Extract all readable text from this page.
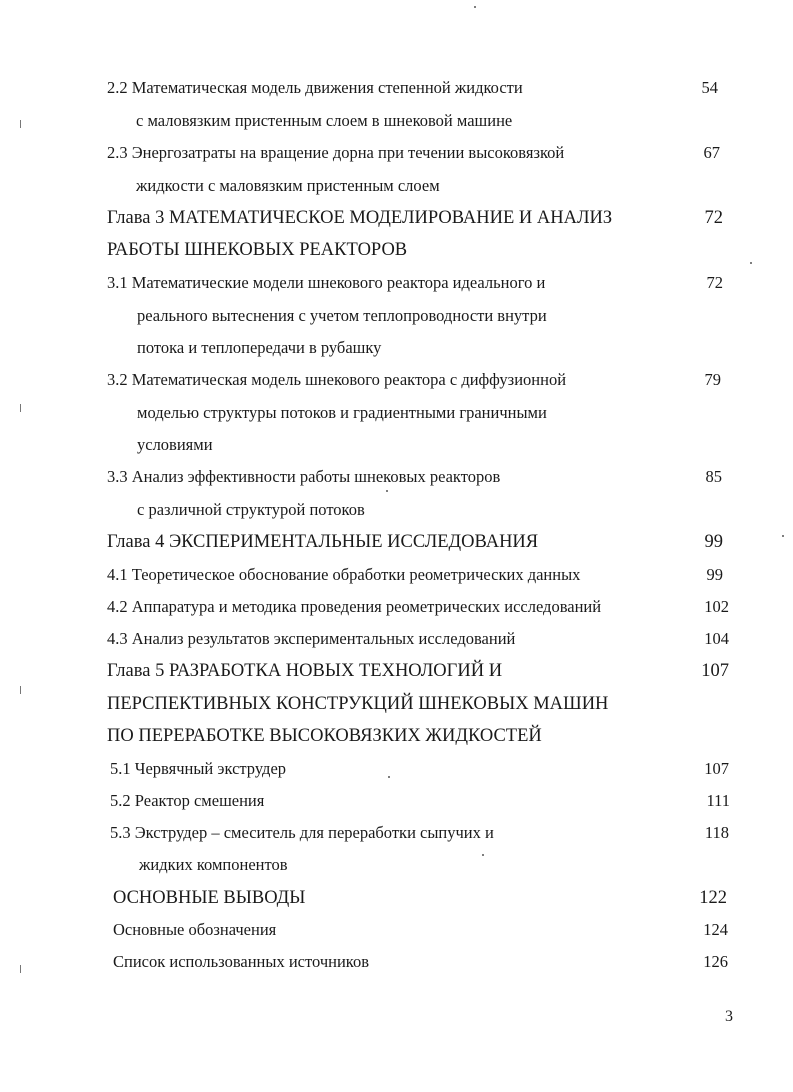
2.2 Математическая модель движения степенной жидкости	54
с маловязким пристенным слоем в шнековой машине
2.3 Энергозатраты на вращение дорна при течении высоковязкой	67
жидкости с маловязким пристенным слоем
Глава 3 МАТЕМАТИЧЕСКОЕ МОДЕЛИРОВАНИЕ И АНАЛИЗ	72
РАБОТЫ ШНЕКОВЫХ РЕАКТОРОВ
3.1 Математические модели шнекового реактора идеального и	72
реального вытеснения с учетом теплопроводности внутри
потока и теплопередачи в рубашку
3.2 Математическая модель шнекового реактора с диффузионной	79
моделью структуры потоков и градиентными граничными
условиями
3.3 Анализ эффективности работы шнековых реакторов	85
с различной структурой потоков
Глава 4 ЭКСПЕРИМЕНТАЛЬНЫЕ ИССЛЕДОВАНИЯ	99
4.1 Теоретическое обоснование обработки реометрических данных	99
4.2 Аппаратура и методика проведения реометрических исследований	102
4.3 Анализ результатов экспериментальных исследований	104
Глава 5 РАЗРАБОТКА НОВЫХ ТЕХНОЛОГИЙ И	107
ПЕРСПЕКТИВНЫХ КОНСТРУКЦИЙ ШНЕКОВЫХ МАШИН
ПО ПЕРЕРАБОТКЕ ВЫСОКОВЯЗКИХ ЖИДКОСТЕЙ
5.1 Червячный экструдер	107
5.2 Реактор смешения	111
5.3 Экструдер – смеситель для переработки сыпучих и	118
жидких компонентов
ОСНОВНЫЕ ВЫВОДЫ	122
Основные обозначения	124
Список использованных источников	126
3
